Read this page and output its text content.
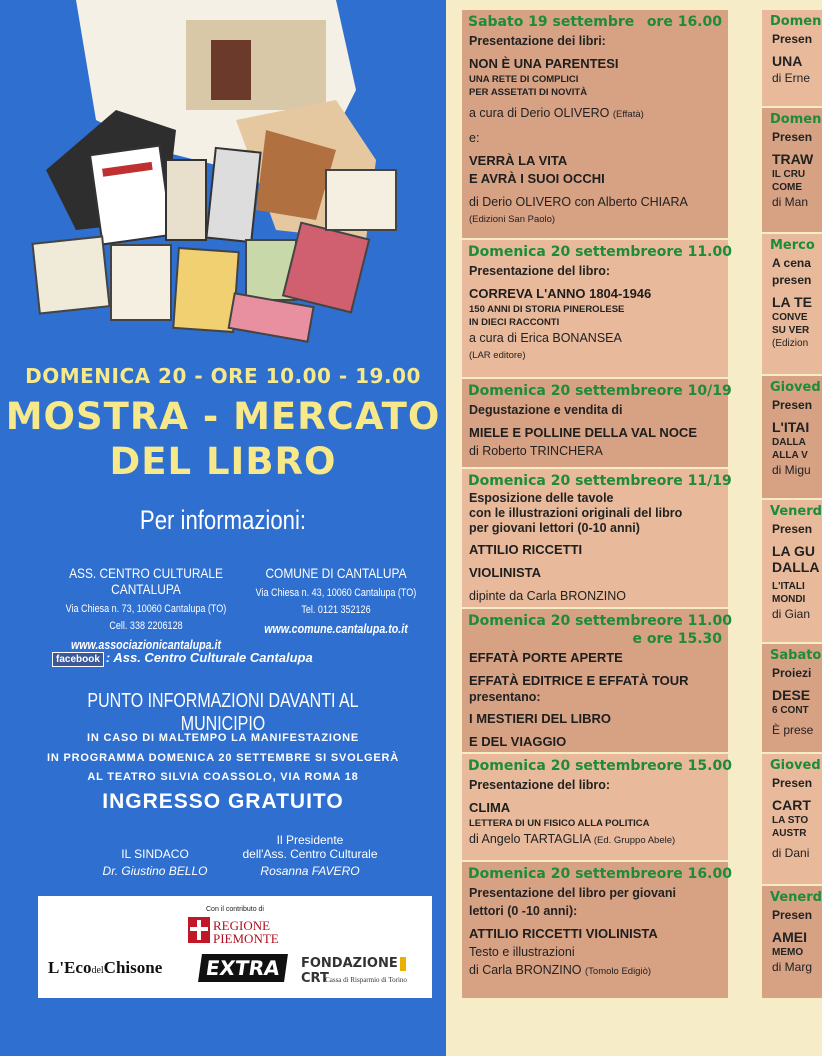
DOMENICA 20 - ORE 10.00 - 19.00
MOSTRA - MERCATO
DEL LIBRO
Per informazioni:
ASS. CENTRO CULTURALE CANTALUPA
Via Chiesa n. 73, 10060 Cantalupa (TO)
Cell. 338 2206128
www.associazionicantalupa.it
COMUNE DI CANTALUPA
Via Chiesa n. 43, 10060 Cantalupa (TO)
Tel. 0121 352126
www.comune.cantalupa.to.it
facebook : Ass. Centro Culturale Cantalupa
PUNTO INFORMAZIONI DAVANTI AL MUNICIPIO
IN CASO DI MALTEMPO LA MANIFESTAZIONE
IN PROGRAMMA DOMENICA 20 SETTEMBRE SI SVOLGERÀ
AL TEATRO SILVIA COASSOLO, VIA ROMA 18
INGRESSO GRATUITO
IL SINDACO
Dr. Giustino BELLO
Il Presidente
dell'Ass. Centro Culturale
Rosanna FAVERO
Con il contributo di
REGIONE
PIEMONTE
L'EcodelChisone	EXTRA	FONDAZIONECRT
Cassa di Risparmio di Torino
Sabato 19 settembre ore 16.00
Presentazione dei libri:
NON È UNA PARENTESI
UNA RETE DI COMPLICI
PER ASSETATI DI NOVITÀ
a cura di Derio OLIVERO (Effatà)
e:
VERRÀ LA VITA
E AVRÀ I SUOI OCCHI
di Derio OLIVERO con Alberto CHIARA
(Edizioni San Paolo)
Domenica 20 settembre ore 11.00
Presentazione del libro:
CORREVA L'ANNO 1804-1946
150 ANNI DI STORIA PINEROLESE
IN DIECI RACCONTI
a cura di Erica BONANSEA
(LAR editore)
Domenica 20 settembre ore 10/19
Degustazione e vendita di
MIELE E POLLINE DELLA VAL NOCE
di Roberto TRINCHERA
Domenica 20 settembre ore 11/19
Esposizione delle tavole
con le illustrazioni originali del libro
per giovani lettori (0-10 anni)
ATTILIO RICCETTI
VIOLINISTA
dipinte da Carla BRONZINO
Domenica 20 settembre ore 11.00
e ore 15.30
EFFATÀ PORTE APERTE
EFFATÀ EDITRICE E EFFATÀ TOUR
presentano:
I MESTIERI DEL LIBRO
E DEL VIAGGIO
Domenica 20 settembre ore 15.00
Presentazione del libro:
CLIMA
LETTERA DI UN FISICO ALLA POLITICA
di Angelo TARTAGLIA (Ed. Gruppo Abele)
Domenica 20 settembre ore 16.00
Presentazione del libro per giovani
lettori (0 -10 anni):
ATTILIO RICCETTI VIOLINISTA
Testo e illustrazioni
di Carla BRONZINO (Tomolo Edigiò)
Domen
Presen
UNA
di Erne
Domen
Presen
TRAW
IL CRU
COME
di Man
Merco
A cena
presen
LA TE
CONVE
SU VER
(Edizion
Gioved
Presen
L'ITAI
DALLA
ALLA V
di Migu
Venerd
Presen
LA GU
DALLA
L'ITALI
MONDI
di Gian
Sabato
Proiezi
DESE
6 CONT
È prese
Gioved
Presen
CART
LA STO
AUSTR
di Dani
Venerd
Presen
AMEI
MEMO
di Marg
